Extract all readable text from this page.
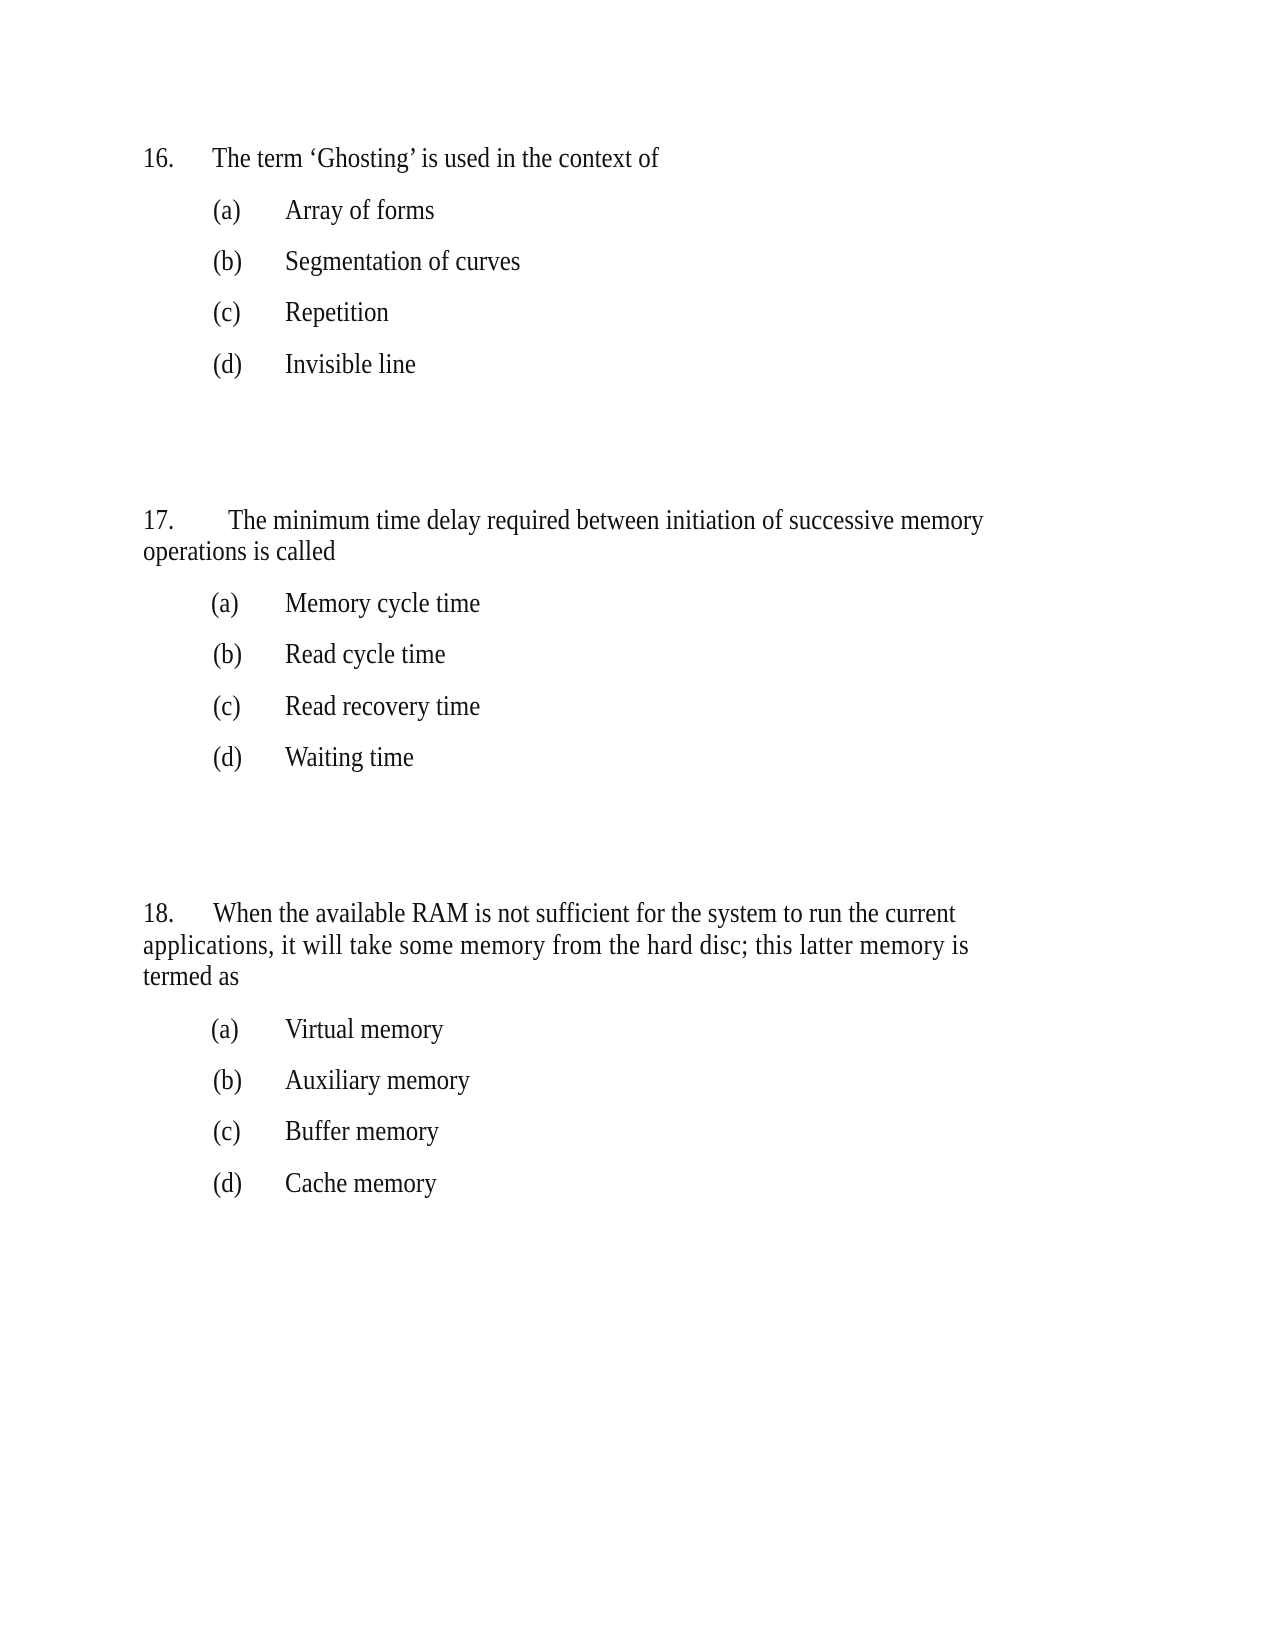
16. The term ‘Ghosting’ is used in the context of
(a) Array of forms
(b) Segmentation of curves
(c) Repetition
(d) Invisible line
17. The minimum time delay required between initiation of successive memory
operations is called
(a) Memory cycle time
(b) Read cycle time
(c) Read recovery time
(d) Waiting time
18. When the available RAM is not sufficient for the system to run the current
applications, it will take some memory from the hard disc; this latter memory is
termed as
(a) Virtual memory
(b) Auxiliary memory
(c) Buffer memory
(d) Cache memory
